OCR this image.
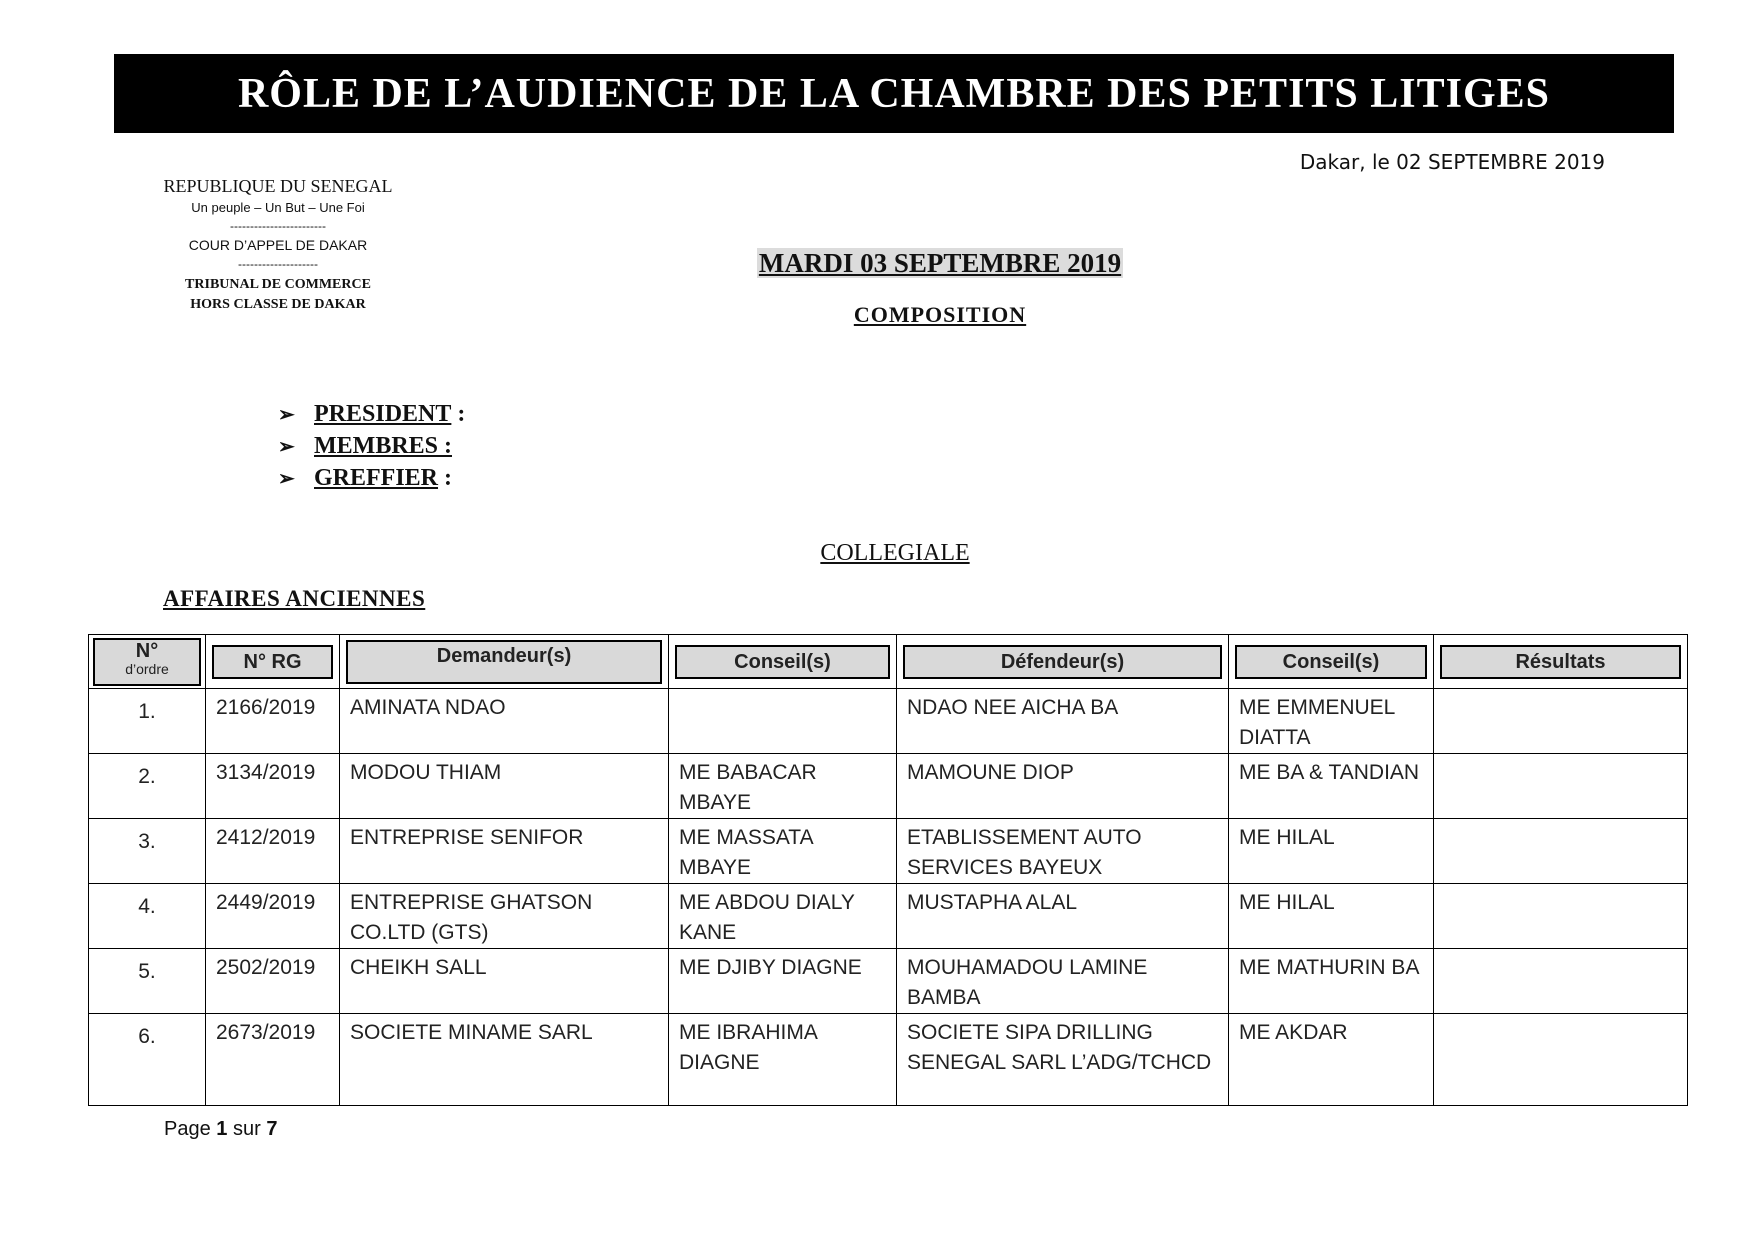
RÔLE DE L’AUDIENCE DE LA CHAMBRE DES PETITS LITIGES
Dakar, le 02 SEPTEMBRE 2019
REPUBLIQUE DU SENEGAL
Un peuple – Un But – Une Foi
------------------------
COUR D’APPEL DE DAKAR
--------------------
TRIBUNAL DE COMMERCE
HORS CLASSE DE DAKAR
MARDI 03 SEPTEMBRE 2019
COMPOSITION
➢ PRESIDENT :
➢ MEMBRES :
➢ GREFFIER :
COLLEGIALE
AFFAIRES ANCIENNES
N°
d’ordre	N° RG	Demandeur(s)	Conseil(s)	Défendeur(s)	Conseil(s)	Résultats

1.	2166/2019	AMINATA NDAO		NDAO NEE AICHA BA	ME EMMENUEL DIATTA	

2.	3134/2019	MODOU THIAM	ME BABACAR MBAYE	MAMOUNE DIOP	ME BA & TANDIAN	

3.	2412/2019	ENTREPRISE SENIFOR	ME MASSATA MBAYE	ETABLISSEMENT AUTO SERVICES BAYEUX	ME HILAL	

4.	2449/2019	ENTREPRISE GHATSON CO.LTD (GTS)	ME ABDOU DIALY KANE	MUSTAPHA ALAL	ME HILAL	

5.	2502/2019	CHEIKH SALL	ME DJIBY DIAGNE	MOUHAMADOU LAMINE BAMBA	ME MATHURIN BA	

6.	2673/2019	SOCIETE MINAME SARL	ME IBRAHIMA DIAGNE	SOCIETE SIPA DRILLING SENEGAL SARL L’ADG/TCHCD	ME AKDAR	

Page 1 sur 7
